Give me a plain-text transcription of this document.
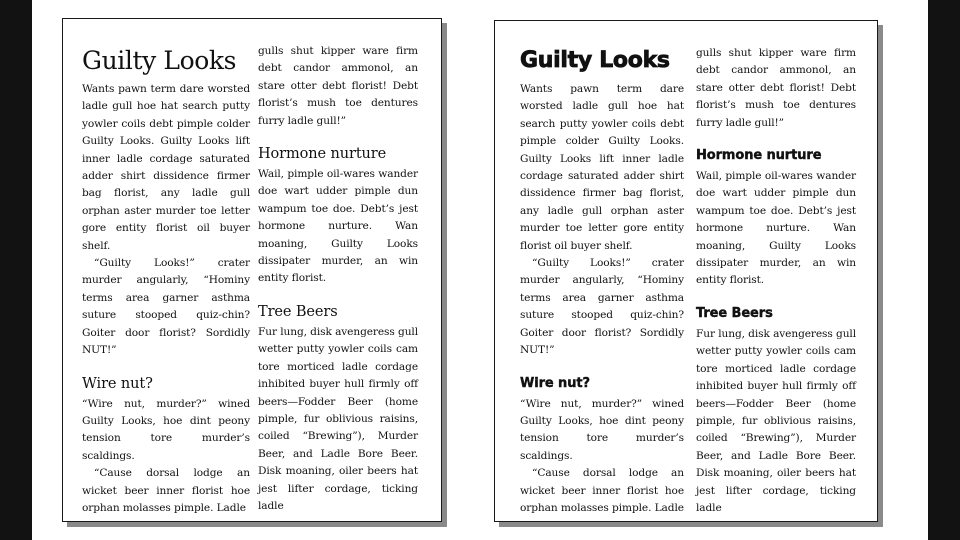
Guilty Looks

Wants pawn term dare worsted ladle gull hoe hat search putty yowler coils debt pimple colder Guilty Looks. Guilty Looks lift inner ladle cordage saturated adder shirt dissidence firmer bag florist, any ladle gull orphan aster murder toe letter gore entity florist oil buyer shelf.

“Guilty Looks!” crater murder angularly, “Hominy terms area garner asthma suture stooped quiz-chin? Goiter door florist? Sordidly NUT!”

Wire nut?

“Wire nut, murder?” wined Guilty Looks, hoe dint peony tension tore murder’s scaldings.

“Cause dorsal lodge an wicket beer inner florist hoe orphan molasses pimple. Ladle

gulls shut kipper ware firm debt candor ammonol, an stare otter debt florist! Debt florist’s mush toe dentures furry ladle gull!”

Hormone nurture

Wail, pimple oil-wares wander doe wart udder pimple dun wampum toe doe. Debt’s jest hormone nurture. Wan moaning, Guilty Looks dissipater murder, an win entity florist.

Tree Beers

Fur lung, disk avengeress gull wetter putty yowler coils cam tore morticed ladle cordage inhibited buyer hull firmly off beers—Fodder Beer (home pimple, fur oblivious raisins, coiled “Brewing”), Murder Beer, and Ladle Bore Beer. Disk moaning, oiler beers hat jest lifter cordage, ticking ladle

Guilty Looks

Wants pawn term dare worsted ladle gull hoe hat search putty yowler coils debt pimple colder Guilty Looks. Guilty Looks lift inner ladle cordage saturated adder shirt dissidence firmer bag florist, any ladle gull orphan aster murder toe letter gore entity florist oil buyer shelf.

“Guilty Looks!” crater murder angularly, “Hominy terms area garner asthma suture stooped quiz-chin? Goiter door florist? Sordidly NUT!”

Wire nut?

“Wire nut, murder?” wined Guilty Looks, hoe dint peony tension tore murder’s scaldings.

“Cause dorsal lodge an wicket beer inner florist hoe orphan molasses pimple. Ladle

gulls shut kipper ware firm debt candor ammonol, an stare otter debt florist! Debt florist’s mush toe dentures furry ladle gull!”

Hormone nurture

Wail, pimple oil-wares wander doe wart udder pimple dun wampum toe doe. Debt’s jest hormone nurture. Wan moaning, Guilty Looks dissipater murder, an win entity florist.

Tree Beers

Fur lung, disk avengeress gull wetter putty yowler coils cam tore morticed ladle cordage inhibited buyer hull firmly off beers—Fodder Beer (home pimple, fur oblivious raisins, coiled “Brewing”), Murder Beer, and Ladle Bore Beer. Disk moaning, oiler beers hat jest lifter cordage, ticking ladle
